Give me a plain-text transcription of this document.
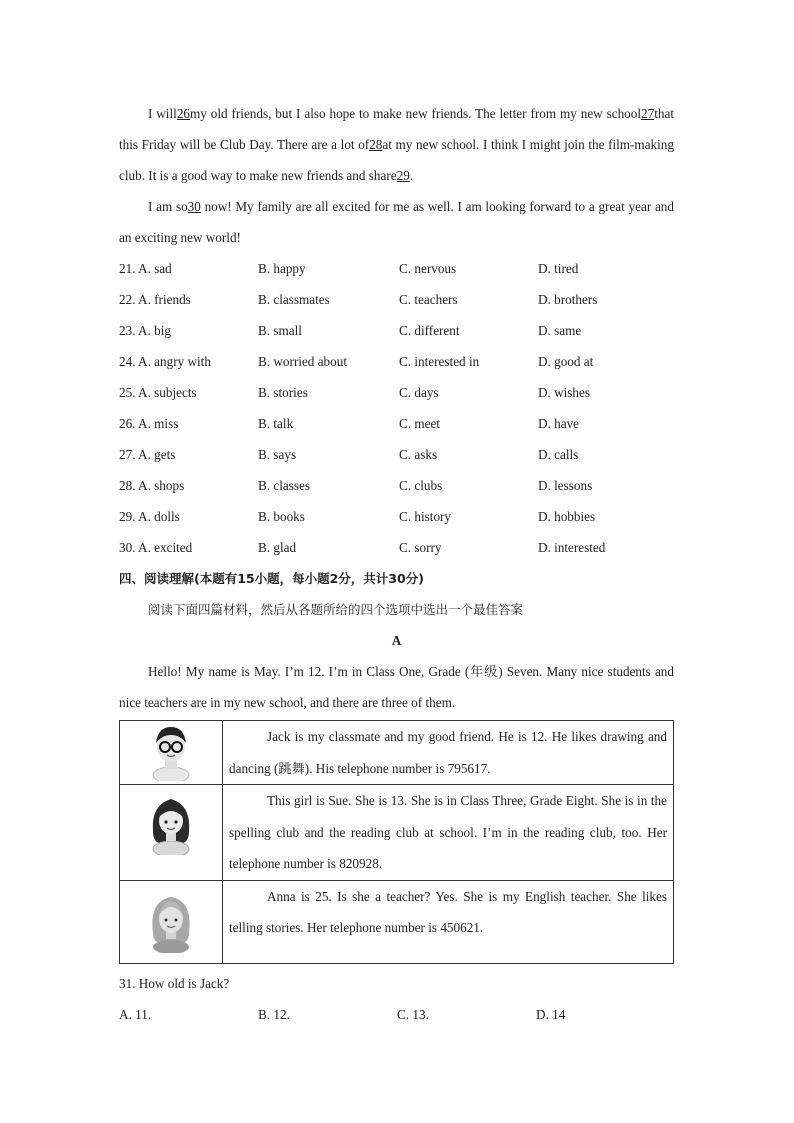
I will26my old friends, but I also hope to make new friends. The letter from my new school27that this Friday will be Club Day. There are a lot of28at my new school. I think I might join the film-making club. It is a good way to make new friends and share29.

I am so30 now! My family are all excited for me as well. I am looking forward to a great year and an exciting new world!

21. A. sad	B. happy	C. nervous	D. tired
22. A. friends	B. classmates	C. teachers	D. brothers
23. A. big	B. small	C. different	D. same
24. A. angry with	B. worried about	C. interested in	D. good at
25. A. subjects	B. stories	C. days	D. wishes
26. A. miss	B. talk	C. meet	D. have
27. A. gets	B. says	C. asks	D. calls
28. A. shops	B. classes	C. clubs	D. lessons
29. A. dolls	B. books	C. history	D. hobbies
30. A. excited	B. glad	C. sorry	D. interested

四、阅读理解(本题有15小题，每小题2分，共计30分)

阅读下面四篇材料，然后从各题所给的四个选项中选出一个最佳答案

A

Hello! My name is May. I’m 12. I’m in Class One, Grade (年级) Seven. Many nice students and nice teachers are in my new school, and there are three of them.

Jack is my classmate and my good friend. He is 12. He likes drawing and dancing (跳舞). His telephone number is 795617.

This girl is Sue. She is 13. She is in Class Three, Grade Eight. She is in the spelling club and the reading club at school. I’m in the reading club, too. Her telephone number is 820928.

Anna is 25. Is she a teacher? Yes. She is my English teacher. She likes telling stories. Her telephone number is 450621.

31. How old is Jack?

A. 11.	B. 12.	C. 13.	D. 14
